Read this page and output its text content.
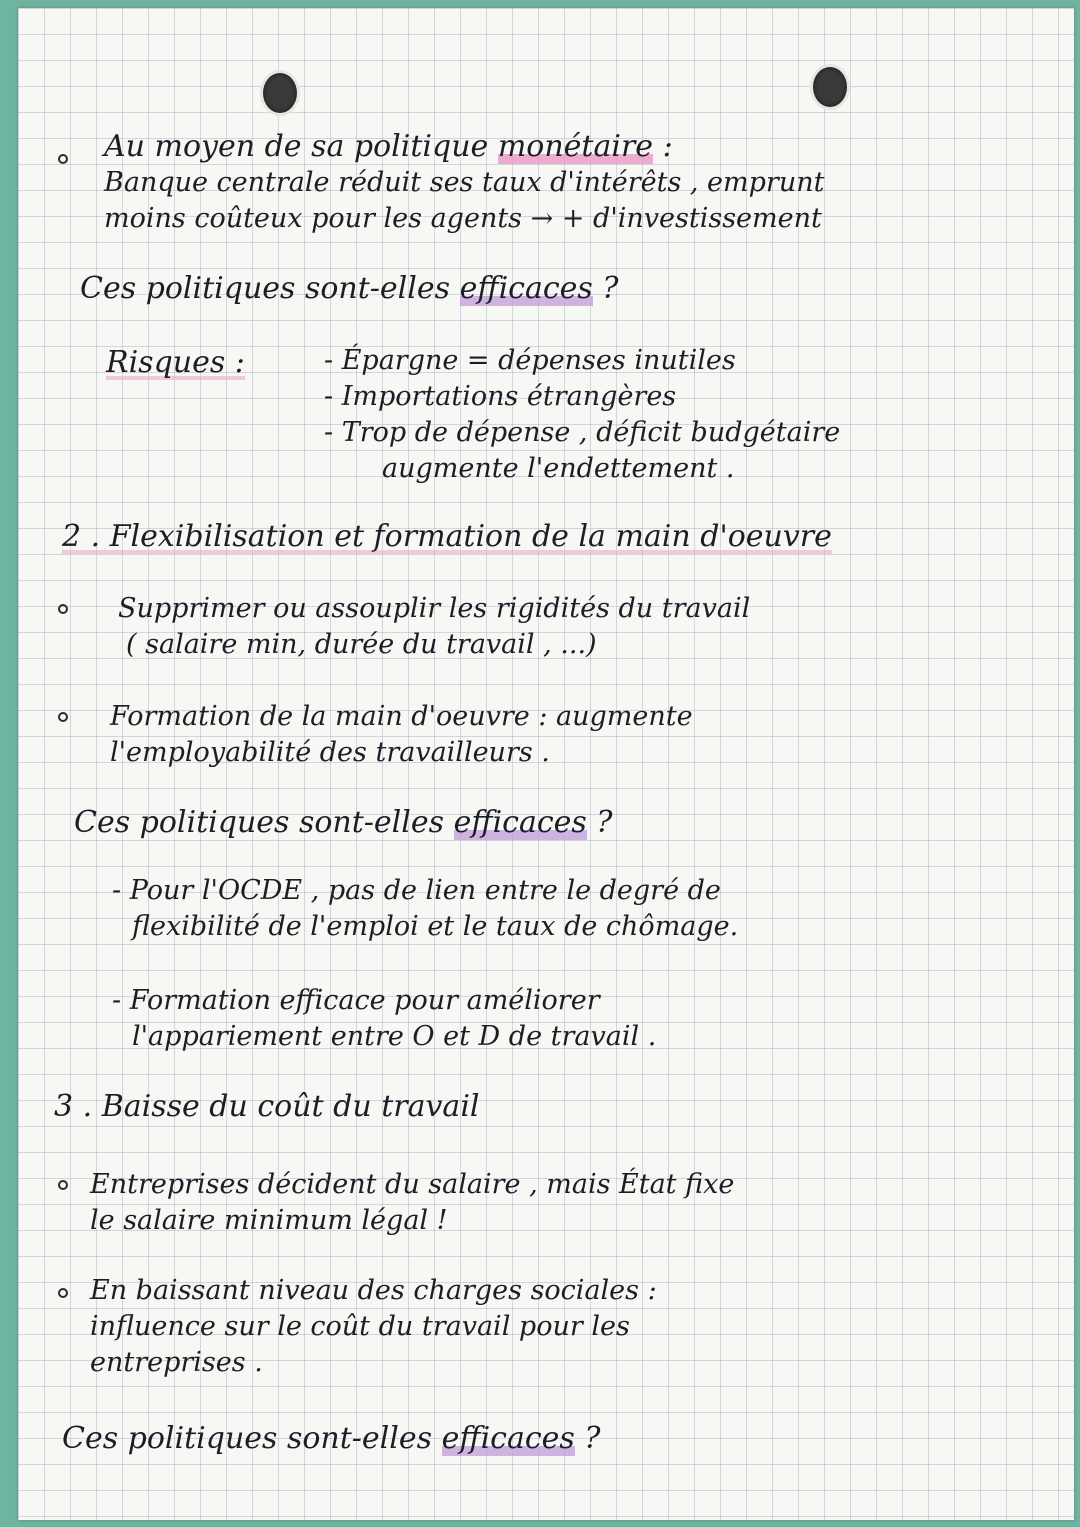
Au moyen de sa politique monétaire :

Banque centrale réduit ses taux d'intérêts , emprunt

moins coûteux pour les agents → + d'investissement

Ces politiques sont-elles efficaces ?

Risques :	- Épargne = dépenses inutiles

- Importations étrangères

- Trop de dépense , déficit budgétaire

augmente l'endettement .

2 . Flexibilisation et formation de la main d'oeuvre

Supprimer ou assouplir les rigidités du travail

( salaire min, durée du travail , ...)

Formation de la main d'oeuvre : augmente

l'employabilité des travailleurs .

Ces politiques sont-elles efficaces ?

- Pour l'OCDE , pas de lien entre le degré de

flexibilité de l'emploi et le taux de chômage.

- Formation efficace pour améliorer

l'appariement entre O et D de travail .

3 . Baisse du coût du travail

Entreprises décident du salaire , mais État fixe

le salaire minimum légal !

En baissant niveau des charges sociales :

influence sur le coût du travail pour les

entreprises .

Ces politiques sont-elles efficaces ?
